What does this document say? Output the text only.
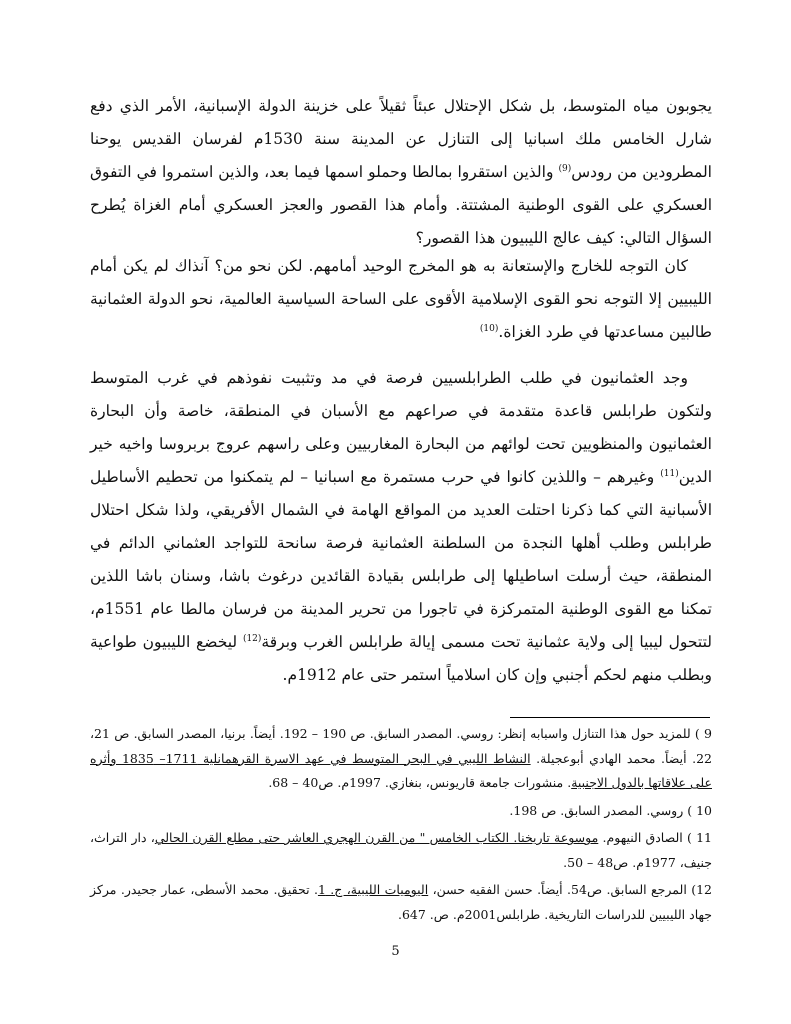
يجوبون مياه المتوسط، بل شكل الإحتلال عبئاً ثقيلاً على خزينة الدولة الإسبانية، الأمر الذي دفع شارل الخامس ملك اسبانيا إلى التنازل عن المدينة سنة 1530م لفرسان القديس يوحنا المطرودين من رودس$^{(9)}$ والذين استقروا بمالطا وحملو اسمها فيما بعد، والذين استمروا في التفوق العسكري على القوى الوطنية المشتتة. وأمام هذا القصور والعجز العسكري أمام الغزاة يُطرح السؤال التالي: كيف عالج الليبيون هذا القصور؟

كان التوجه للخارج والإستعانة به هو المخرج الوحيد أمامهم. لكن نحو من؟ آنذاك لم يكن أمام الليبيين إلا التوجه نحو القوى الإسلامية الأقوى على الساحة السياسية العالمية، نحو الدولة العثمانية طالبين مساعدتها في طرد الغزاة.$^{(10)}$

وجد العثمانيون في طلب الطرابلسيين فرصة في مد وتثبيت نفوذهم في غرب المتوسط ولتكون طرابلس قاعدة متقدمة في صراعهم مع الأسبان في المنطقة، خاصة وأن البحارة العثمانيون والمنظويين تحت لوائهم من البحارة المغاربيين وعلى راسهم عروج بربروسا واخيه خير الدين$^{(11)}$ وغيرهم – واللذين كانوا في حرب مستمرة مع اسبانيا – لم يتمكنوا من تحطيم الأساطيل الأسبانية التي كما ذكرنا احتلت العديد من المواقع الهامة في الشمال الأفريقي، ولذا شكل احتلال طرابلس وطلب أهلها النجدة من السلطنة العثمانية فرصة سانحة للتواجد العثماني الدائم في المنطقة، حيث أرسلت اساطيلها إلى طرابلس بقيادة القائدين درغوث باشا، وسنان باشا اللذين تمكنا مع القوى الوطنية المتمركزة في تاجورا من تحرير المدينة من فرسان مالطا عام 1551م، لتتحول ليبيا إلى ولاية عثمانية تحت مسمى إيالة طرابلس الغرب وبرقة$^{(12)}$ ليخضع الليبيون طواعية وبطلب منهم لحكم أجنبي وإن كان اسلامياً استمر حتى عام 1912م.

9 ) للمزيد حول هذا التنازل واسبابه إنظر: روسي. المصدر السابق. ص 190 – 192. أيضاً. برنيا، المصدر السابق. ص 21، 22. أيضاً. محمد الهادي أبوعجيلة. النشاط الليبي في البحر المتوسط في عهد الاسرة القرهمانلية 1711– 1835 وأثره على علاقاتها بالدول الاجنبية. منشورات جامعة قاريونس، بنغازي. 1997م. ص40 – 68.

10 ) روسي. المصدر السابق. ص 198.

11 ) الصادق النيهوم. موسوعة تاريخنا. الكتاب الخامس " من القرن الهجري العاشر حتى مطلع القرن الحالي، دار التراث، جنيف، 1977م. ص48 – 50.

12) المرجع السابق. ص54. أيضاً. حسن الفقيه حسن، اليوميات الليبية، ج. 1. تحقيق. محمد الأسطى، عمار جحيدر. مركز جهاد الليبيين للدراسات التاريخية. طرابلس2001م. ص. 647.

5
